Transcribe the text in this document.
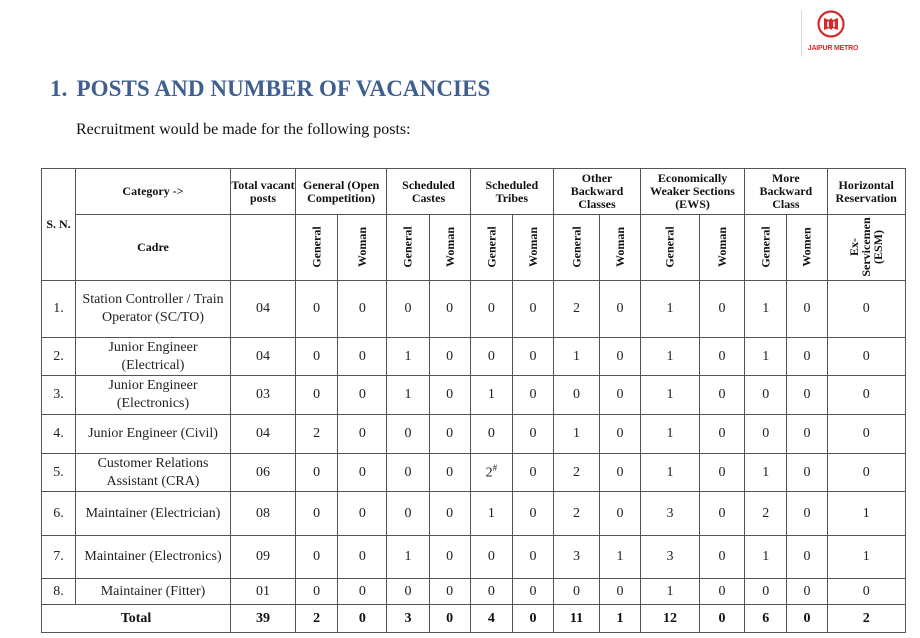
JAIPUR METRO
1. POSTS AND NUMBER OF VACANCIES

Recruitment would be made for the following posts:

S. N.	Category ->	Total vacant posts	General (Open Competition)		Scheduled Castes		Scheduled Tribes		Other Backward Classes		Economically Weaker Sections (EWS)		More Backward Class		Horizontal Reservation
	Cadre		General	Woman	General	Woman	General	Woman	General	Woman	General	Woman	General	Women	Ex-Servicemen (ESM)
1.	Station Controller / Train Operator (SC/TO)	04	0	0	0	0	0	0	2	0	1	0	1	0	0
2.	Junior Engineer (Electrical)	04	0	0	1	0	0	0	1	0	1	0	1	0	0
3.	Junior Engineer (Electronics)	03	0	0	1	0	1	0	0	0	1	0	0	0	0
4.	Junior Engineer (Civil)	04	2	0	0	0	0	0	1	0	1	0	0	0	0
5.	Customer Relations Assistant (CRA)	06	0	0	0	0	2#	0	2	0	1	0	1	0	0
6.	Maintainer (Electrician)	08	0	0	0	0	1	0	2	0	3	0	2	0	1
7.	Maintainer (Electronics)	09	0	0	1	0	0	0	3	1	3	0	1	0	1
8.	Maintainer (Fitter)	01	0	0	0	0	0	0	0	0	1	0	0	0	0
Total		39	2	0	3	0	4	0	11	1	12	0	6	0	2
